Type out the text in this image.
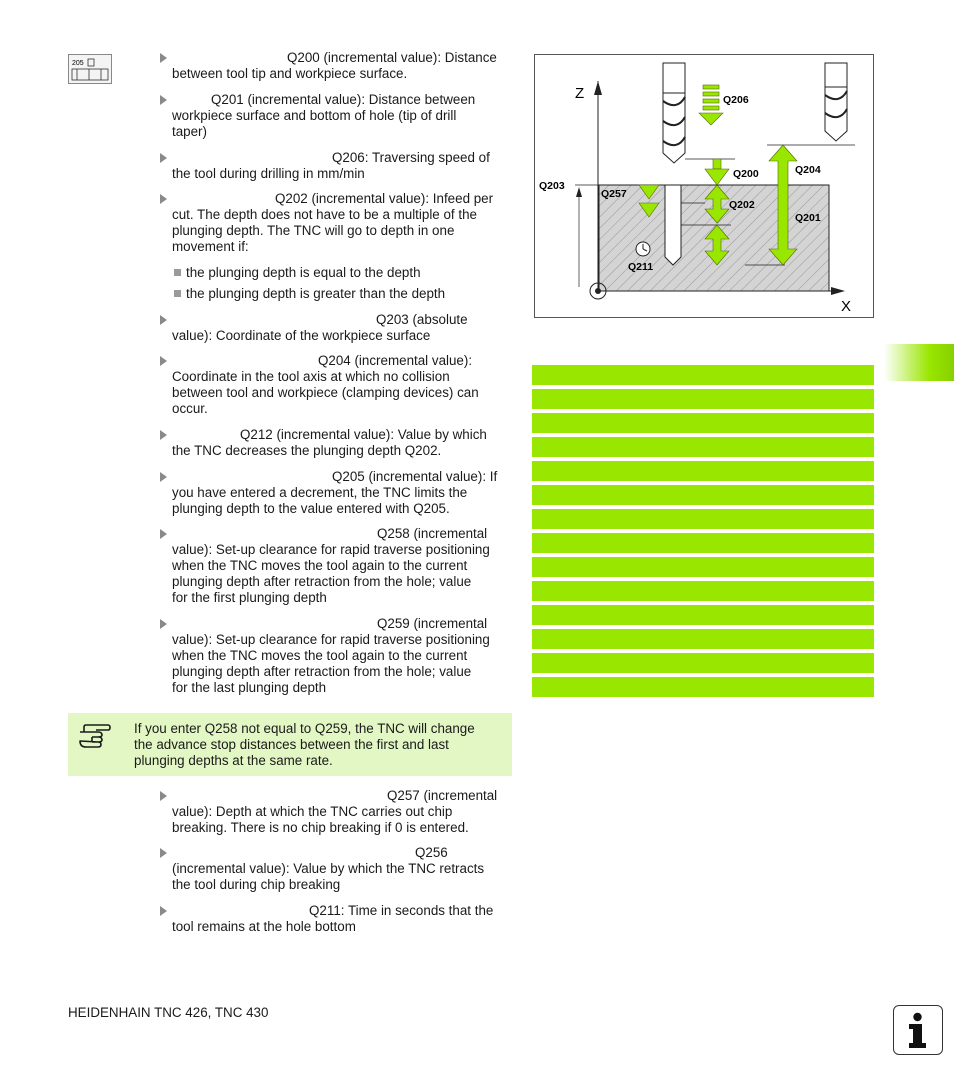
205	Q200 (incremental value): Distance
between tool tip and workpiece surface.
Q201 (incremental value): Distance between
workpiece surface and bottom of hole (tip of drill
taper)
Q206: Traversing speed of
the tool during drilling in mm/min
Q202 (incremental value): Infeed per
cut. The depth does not have to be a multiple of the
plunging depth. The TNC will go to depth in one
movement if:
Q203 (absolute
value): Coordinate of the workpiece surface
Q204 (incremental value):
Coordinate in the tool axis at which no collision
between tool and workpiece (clamping devices) can
occur.
Q212 (incremental value): Value by which
the TNC decreases the plunging depth Q202.
Q205 (incremental value): If
you have entered a decrement, the TNC limits the
plunging depth to the value entered with Q205.
Q258 (incremental
value): Set-up clearance for rapid traverse positioning
when the TNC moves the tool again to the current
plunging depth after retraction from the hole; value
for the first plunging depth
Q259 (incremental
value): Set-up clearance for rapid traverse positioning
when the TNC moves the tool again to the current
plunging depth after retraction from the hole; value
for the last plunging depth
Q257 (incremental
value): Depth at which the TNC carries out chip
breaking. There is no chip breaking if 0 is entered.
Q256
(incremental value): Value by which the TNC retracts
the tool during chip breaking
Q211: Time in seconds that the
tool remains at the hole bottom
the plunging depth is equal to the depth
the plunging depth is greater than the depth
If you enter Q258 not equal to Q259, the TNC will change
the advance stop distances between the first and last
plunging depths at the same rate.
Z
X
Q206
Q200
Q202
Q257
Q204
Q201
Q203
Q211
HEIDENHAIN TNC 426, TNC 430
